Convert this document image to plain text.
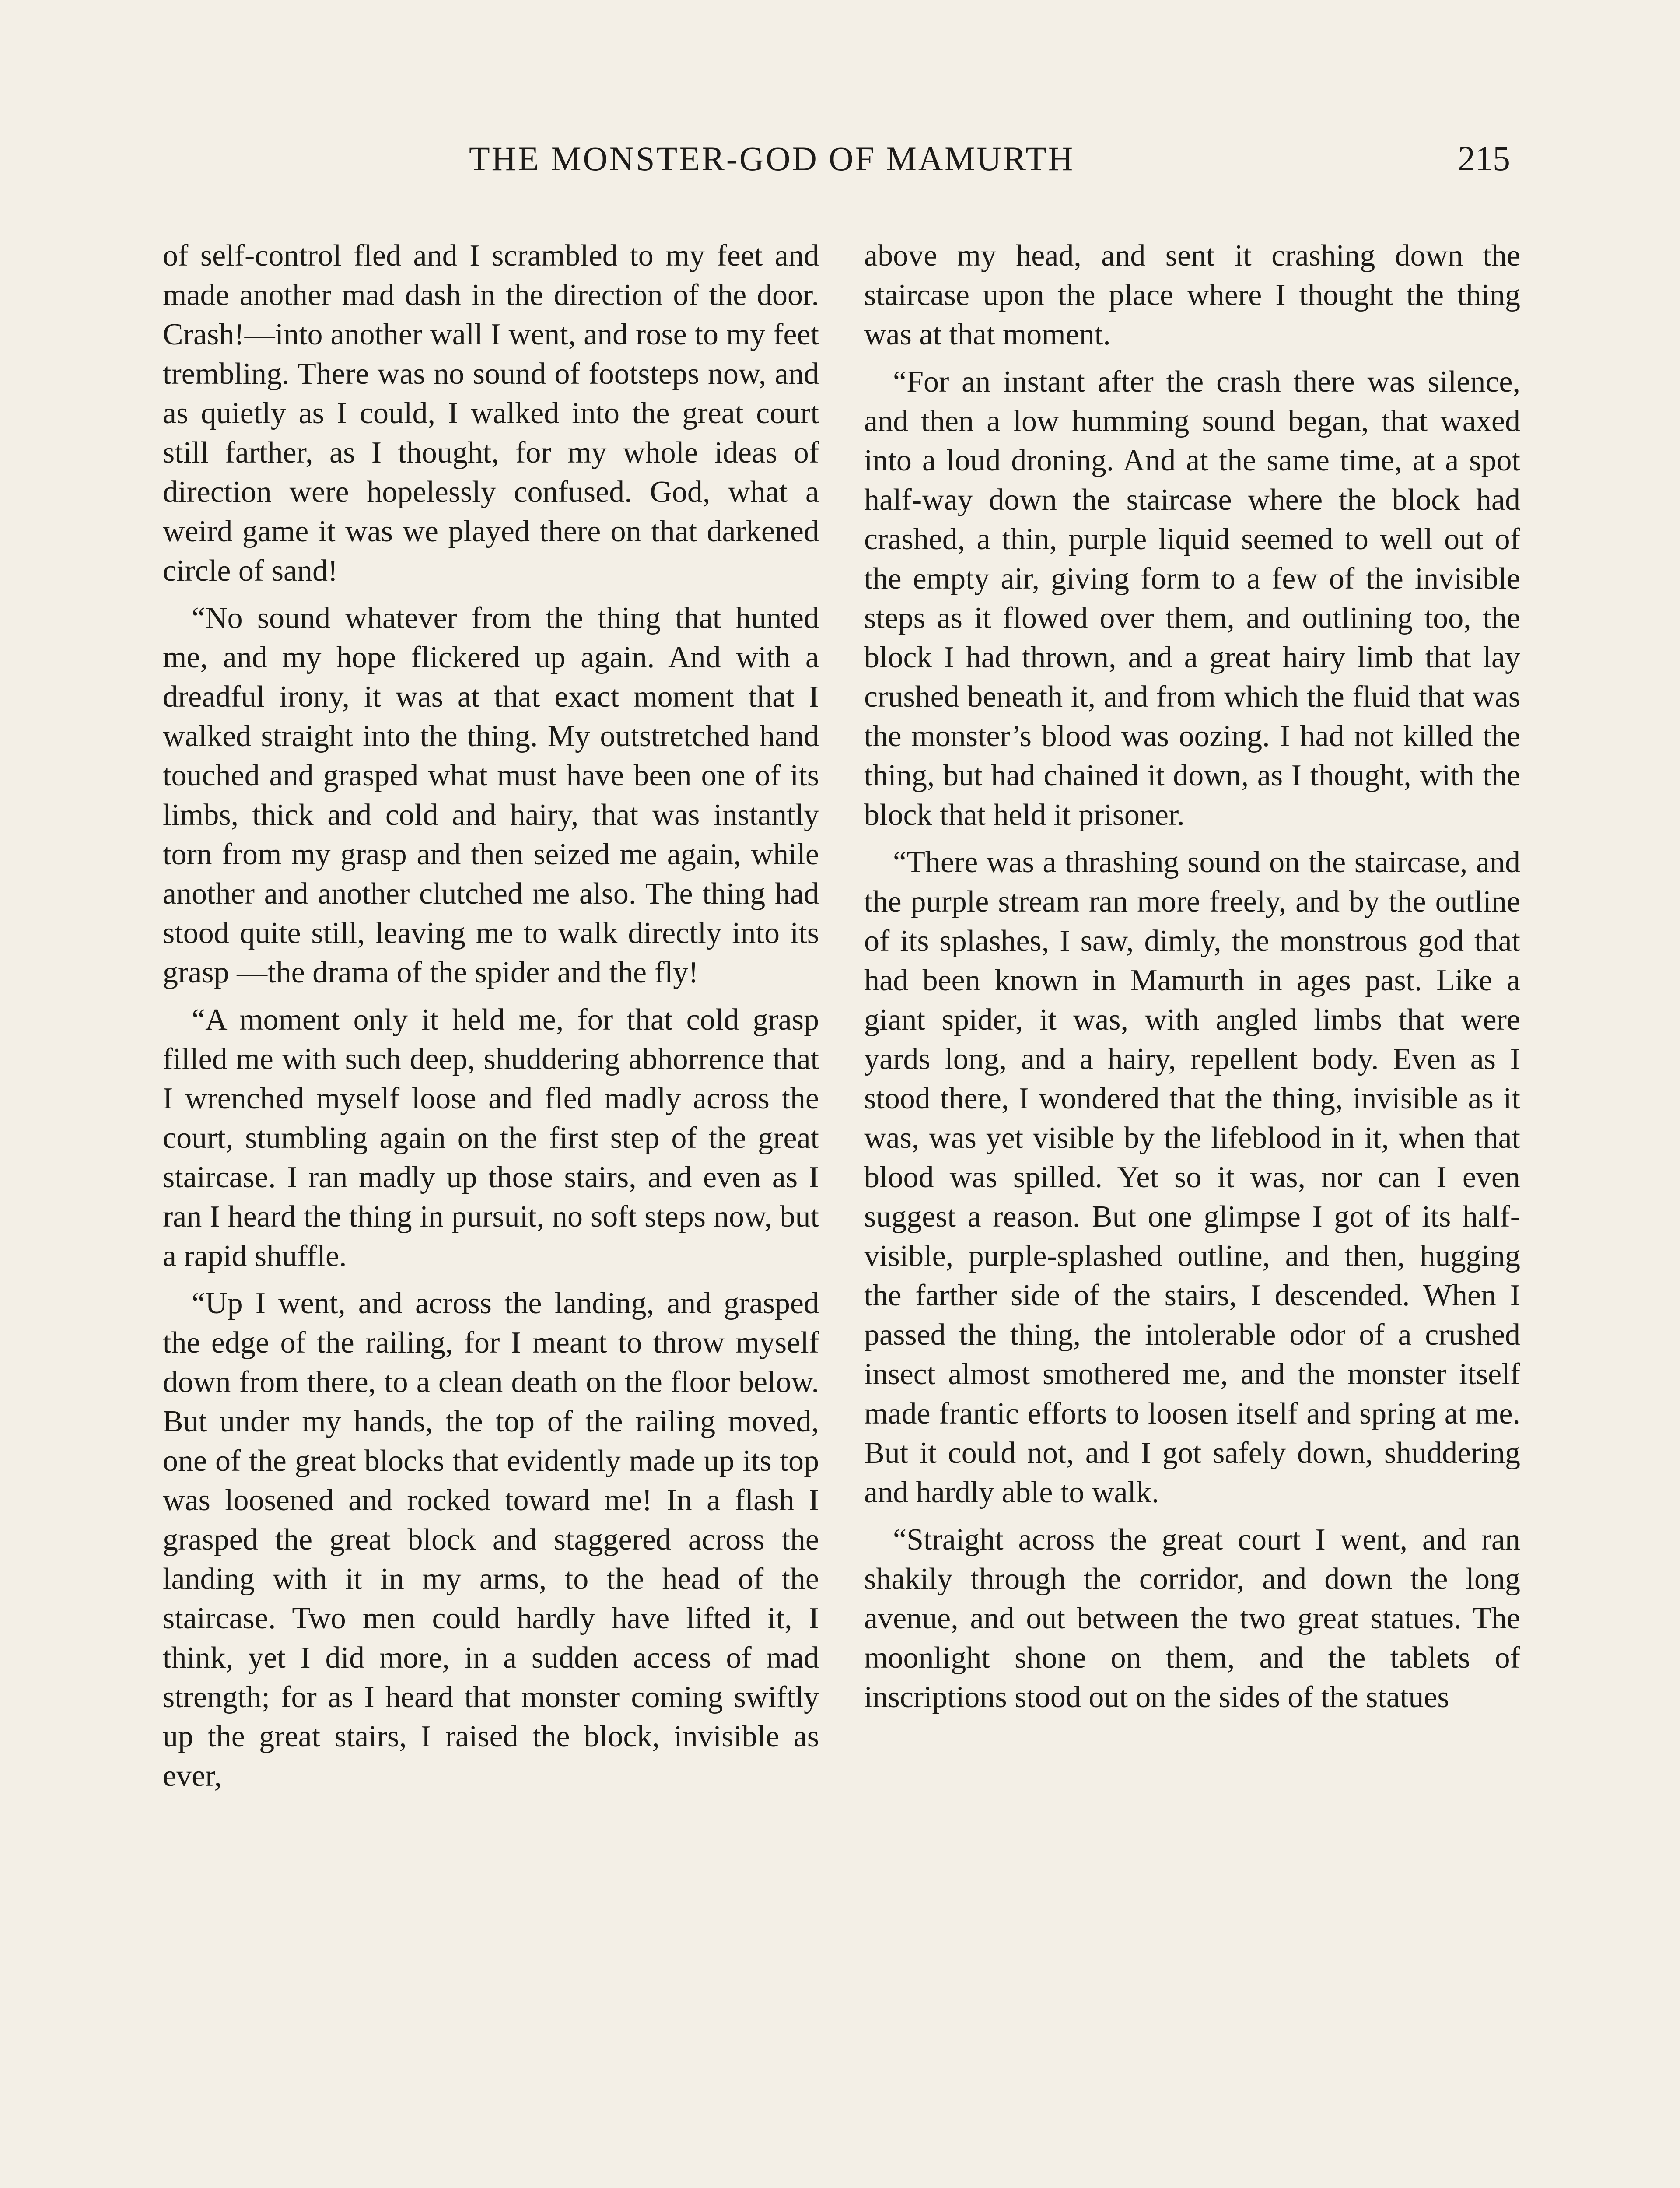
THE MONSTER-GOD OF MAMURTH	215

of self-control fled and I scrambled to my feet and made another mad dash in the direction of the door. Crash!—into another wall I went, and rose to my feet trembling. There was no sound of footsteps now, and as quietly as I could, I walked into the great court still farther, as I thought, for my whole ideas of direction were hopelessly confused. God, what a weird game it was we played there on that darkened circle of sand!

“No sound whatever from the thing that hunted me, and my hope flickered up again. And with a dreadful irony, it was at that exact moment that I walked straight into the thing. My outstretched hand touched and grasped what must have been one of its limbs, thick and cold and hairy, that was instantly torn from my grasp and then seized me again, while another and another clutched me also. The thing had stood quite still, leaving me to walk directly into its grasp —the drama of the spider and the fly!

“A moment only it held me, for that cold grasp filled me with such deep, shuddering abhorrence that I wrenched myself loose and fled madly across the court, stumbling again on the first step of the great staircase. I ran madly up those stairs, and even as I ran I heard the thing in pursuit, no soft steps now, but a rapid shuffle.

“Up I went, and across the landing, and grasped the edge of the railing, for I meant to throw myself down from there, to a clean death on the floor below. But under my hands, the top of the railing moved, one of the great blocks that evidently made up its top was loosened and rocked toward me! In a flash I grasped the great block and staggered across the landing with it in my arms, to the head of the staircase. Two men could hardly have lifted it, I think, yet I did more, in a sudden access of mad strength; for as I heard that monster coming swiftly up the great stairs, I raised the block, invisible as ever,

above my head, and sent it crashing down the staircase upon the place where I thought the thing was at that moment.

“For an instant after the crash there was silence, and then a low humming sound began, that waxed into a loud droning. And at the same time, at a spot half-way down the staircase where the block had crashed, a thin, purple liquid seemed to well out of the empty air, giving form to a few of the invisible steps as it flowed over them, and outlining too, the block I had thrown, and a great hairy limb that lay crushed beneath it, and from which the fluid that was the monster’s blood was oozing. I had not killed the thing, but had chained it down, as I thought, with the block that held it prisoner.

“There was a thrashing sound on the staircase, and the purple stream ran more freely, and by the outline of its splashes, I saw, dimly, the monstrous god that had been known in Mamurth in ages past. Like a giant spider, it was, with angled limbs that were yards long, and a hairy, repellent body. Even as I stood there, I wondered that the thing, invisible as it was, was yet visible by the lifeblood in it, when that blood was spilled. Yet so it was, nor can I even suggest a reason. But one glimpse I got of its half-visible, purple-splashed outline, and then, hugging the farther side of the stairs, I descended. When I passed the thing, the intolerable odor of a crushed insect almost smothered me, and the monster itself made frantic efforts to loosen itself and spring at me. But it could not, and I got safely down, shuddering and hardly able to walk.

“Straight across the great court I went, and ran shakily through the corridor, and down the long avenue, and out between the two great statues. The moonlight shone on them, and the tablets of inscriptions stood out on the sides of the statues
